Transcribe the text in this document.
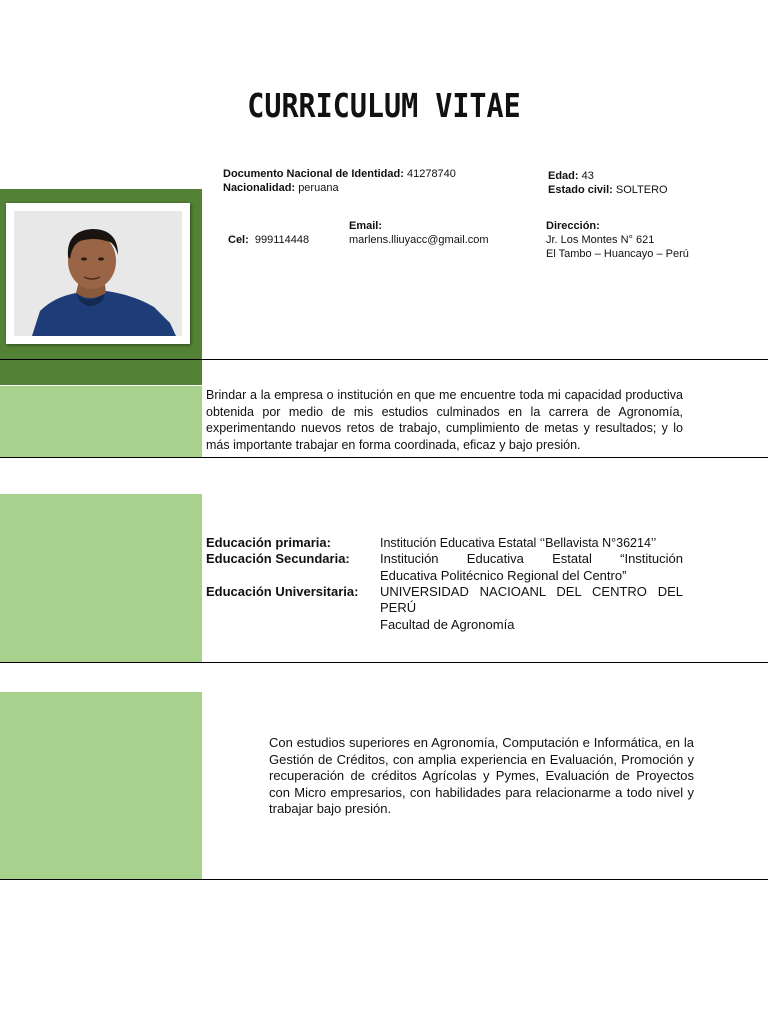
CURRICULUM VITAE
Documento Nacional de Identidad: 41278740
Nacionalidad: peruana
Edad: 43
Estado civil: SOLTERO
Cel: 999114448
Email:
marlens.lliuyacc@gmail.com
Dirección:
Jr. Los Montes N° 621
El Tambo – Huancayo – Perú
Brindar a la empresa o institución en que me encuentre toda mi capacidad productiva obtenida por medio de mis estudios culminados en la carrera de Agronomía, experimentando nuevos retos de trabajo, cumplimiento de metas y resultados; y lo más importante trabajar en forma coordinada, eficaz y bajo presión.
Educación primaria:	Institución Educativa Estatal ‘‘Bellavista N°36214’’
Educación Secundaria: Institución Educativa Estatal “Institución
Educativa Politécnico Regional del Centro”
Educación Universitaria: UNIVERSIDAD NACIOANL DEL CENTRO DEL
PERÚ
Facultad de Agronomía
Con estudios superiores en Agronomía, Computación e Informática, en la Gestión de Créditos, con amplia experiencia en Evaluación, Promoción y recuperación de créditos Agrícolas y Pymes, Evaluación de Proyectos con Micro empresarios, con habilidades para relacionarme a todo nivel y trabajar bajo presión.
